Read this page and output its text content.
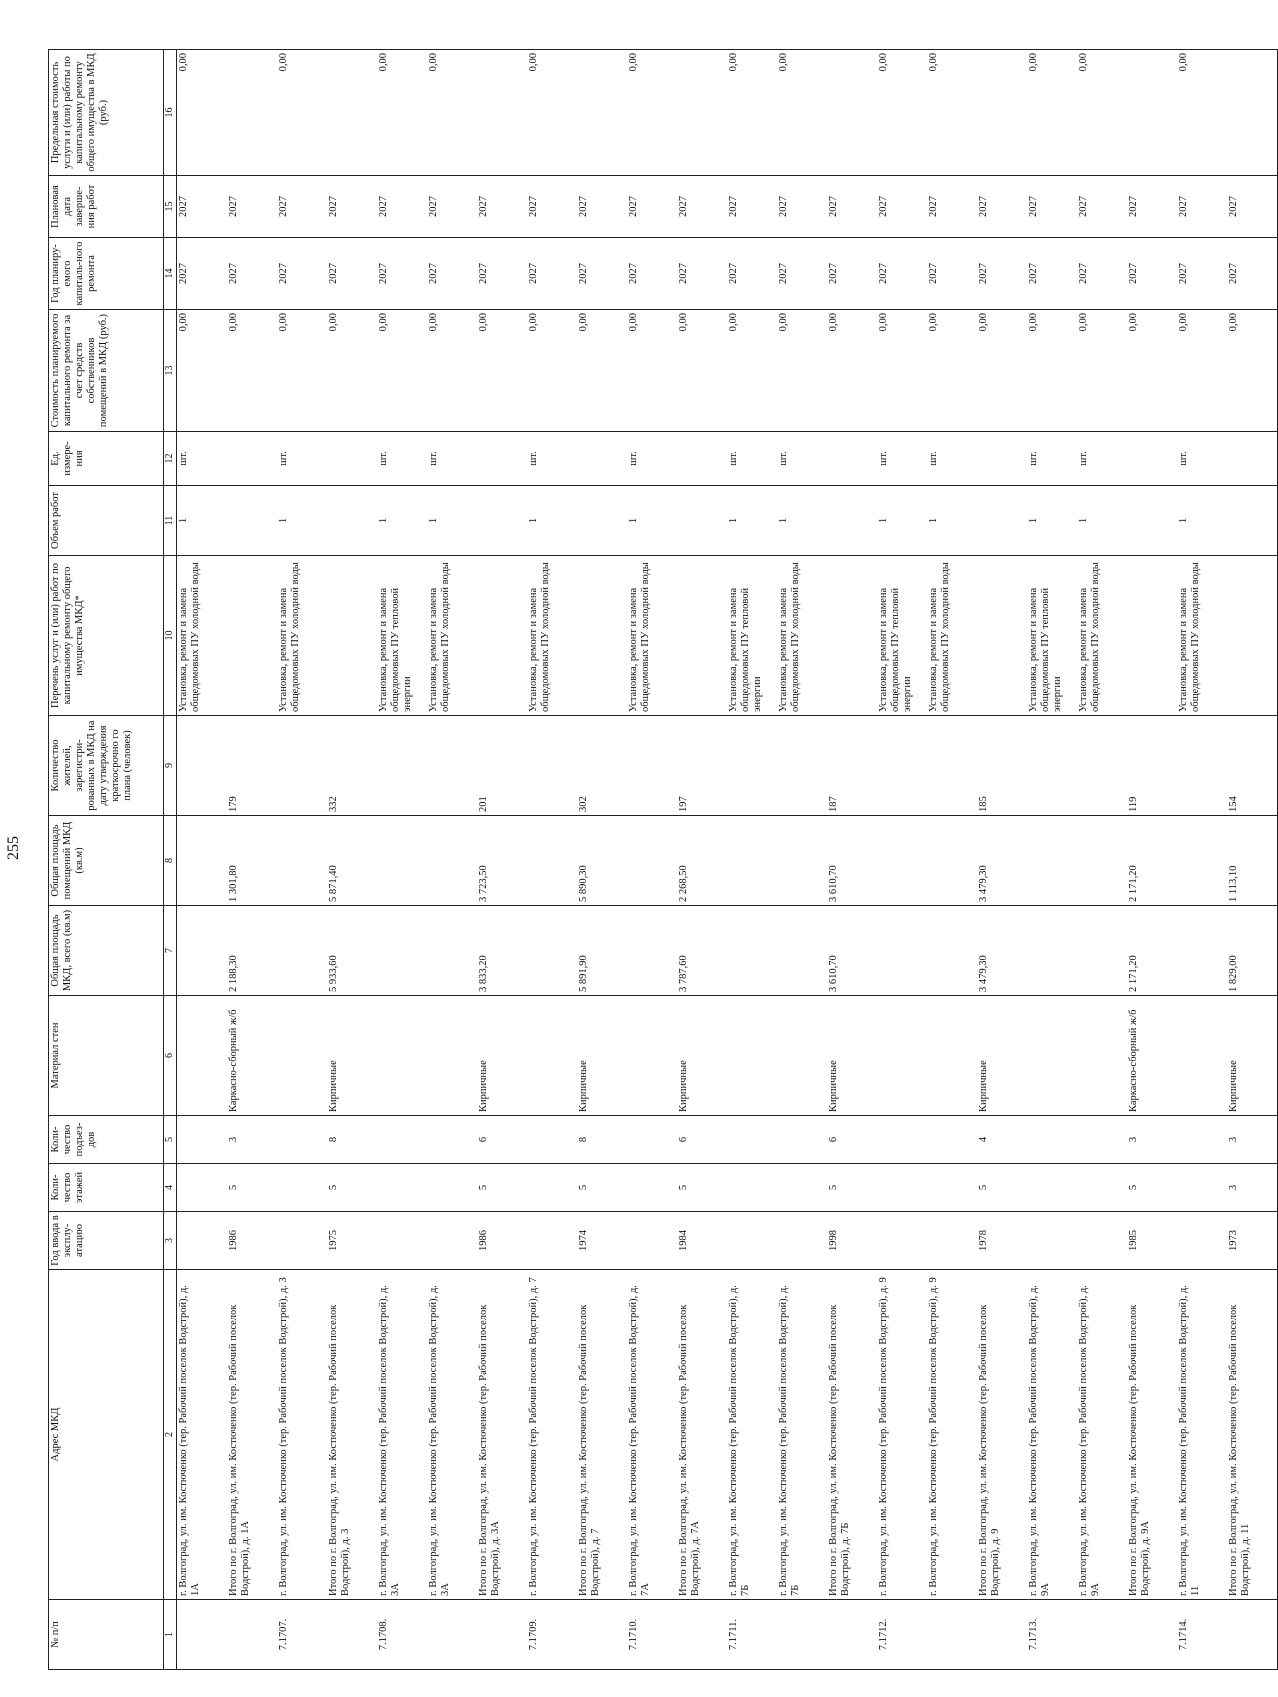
255
№ п/п	Адрес МКД	Год ввода в эксплу-атацию	Коли-чество этажей	Коли-чество подъез-дов	Материал стен	Общая площадь МКД, всего (кв.м)	Общая площадь помещений МКД (кв.м)	Количество жителей, зарегистри-рованных в МКД на дату утверждения краткосрочно го плана (человек)	Перечень услуг и (или) работ по капитальному ремонту общего имущества МКД*	Объем работ	Ед. измере-ния	Стоимость планируемого капитального ремонта за счет средств собственников помещений в МКД (руб.)	Год планиру-емого капиталь-ного ремонта	Плановая дата заверше-ния работ	Предельная стоимость услуги и (или) работы по капитальному ремонту общего имущества в МКД (руб.)
1	2	3	4	5	6	7	8	9	10	11	12	13	14	15	16
	г. Волгоград, ул. им. Костюченко (тер. Рабочий поселок Водстрой), д. 1А								Установка, ремонт и замена общедомовых ПУ холодной воды	1	шт.	0,00	2027	2027	0,00
	Итого по г. Волгоград, ул. им. Костюченко (тер. Рабочий поселок Водстрой), д. 1А	1986	5	3	Каркасно-сборный ж/б	2 188,30	1 301,80	179				0,00	2027	2027	
7.1707.	г. Волгоград, ул. им. Костюченко (тер. Рабочий поселок Водстрой), д. 3								Установка, ремонт и замена общедомовых ПУ холодной воды	1	шт.	0,00	2027	2027	0,00
	Итого по г. Волгоград, ул. им. Костюченко (тер. Рабочий поселок Водстрой), д. 3	1975	5	8	Кирпичные	5 933,60	5 871,40	332				0,00	2027	2027	
7.1708.	г. Волгоград, ул. им. Костюченко (тер. Рабочий поселок Водстрой), д. 3А								Установка, ремонт и замена общедомовых ПУ тепловой энергии	1	шт.	0,00	2027	2027	0,00
	г. Волгоград, ул. им. Костюченко (тер. Рабочий поселок Водстрой), д. 3А								Установка, ремонт и замена общедомовых ПУ холодной воды	1	шт.	0,00	2027	2027	0,00
	Итого по г. Волгоград, ул. им. Костюченко (тер. Рабочий поселок Водстрой), д. 3А	1986	5	6	Кирпичные	3 833,20	3 723,50	201				0,00	2027	2027	
7.1709.	г. Волгоград, ул. им. Костюченко (тер. Рабочий поселок Водстрой), д. 7								Установка, ремонт и замена общедомовых ПУ холодной воды	1	шт.	0,00	2027	2027	0,00
	Итого по г. Волгоград, ул. им. Костюченко (тер. Рабочий поселок Водстрой), д. 7	1974	5	8	Кирпичные	5 891,90	5 890,30	302				0,00	2027	2027	
7.1710.	г. Волгоград, ул. им. Костюченко (тер. Рабочий поселок Водстрой), д. 7А								Установка, ремонт и замена общедомовых ПУ холодной воды	1	шт.	0,00	2027	2027	0,00
	Итого по г. Волгоград, ул. им. Костюченко (тер. Рабочий поселок Водстрой), д. 7А	1984	5	6	Кирпичные	3 787,60	2 268,50	197				0,00	2027	2027	
7.1711.	г. Волгоград, ул. им. Костюченко (тер. Рабочий поселок Водстрой), д. 7Б								Установка, ремонт и замена общедомовых ПУ тепловой энергии	1	шт.	0,00	2027	2027	0,00
	г. Волгоград, ул. им. Костюченко (тер. Рабочий поселок Водстрой), д. 7Б								Установка, ремонт и замена общедомовых ПУ холодной воды	1	шт.	0,00	2027	2027	0,00
	Итого по г. Волгоград, ул. им. Костюченко (тер. Рабочий поселок Водстрой), д. 7Б	1998	5	6	Кирпичные	3 610,70	3 610,70	187				0,00	2027	2027	
7.1712.	г. Волгоград, ул. им. Костюченко (тер. Рабочий поселок Водстрой), д. 9								Установка, ремонт и замена общедомовых ПУ тепловой энергии	1	шт.	0,00	2027	2027	0,00
	г. Волгоград, ул. им. Костюченко (тер. Рабочий поселок Водстрой), д. 9								Установка, ремонт и замена общедомовых ПУ холодной воды	1	шт.	0,00	2027	2027	0,00
	Итого по г. Волгоград, ул. им. Костюченко (тер. Рабочий поселок Водстрой), д. 9	1978	5	4	Кирпичные	3 479,30	3 479,30	185				0,00	2027	2027	
7.1713.	г. Волгоград, ул. им. Костюченко (тер. Рабочий поселок Водстрой), д. 9А								Установка, ремонт и замена общедомовых ПУ тепловой энергии	1	шт.	0,00	2027	2027	0,00
	г. Волгоград, ул. им. Костюченко (тер. Рабочий поселок Водстрой), д. 9А								Установка, ремонт и замена общедомовых ПУ холодной воды	1	шт.	0,00	2027	2027	0,00
	Итого по г. Волгоград, ул. им. Костюченко (тер. Рабочий поселок Водстрой), д. 9А	1985	5	3	Каркасно-сборный ж/б	2 171,20	2 171,20	119				0,00	2027	2027	
7.1714.	г. Волгоград, ул. им. Костюченко (тер. Рабочий поселок Водстрой), д. 11								Установка, ремонт и замена общедомовых ПУ холодной воды	1	шт.	0,00	2027	2027	0,00
	Итого по г. Волгоград, ул. им. Костюченко (тер. Рабочий поселок Водстрой), д. 11	1973	3	3	Кирпичные	1 829,00	1 113,10	154				0,00	2027	2027	
